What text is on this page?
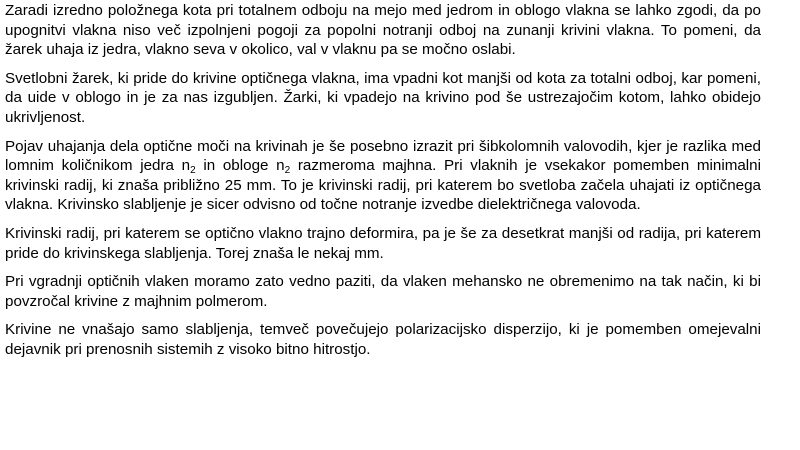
Zaradi izredno položnega kota pri totalnem odboju na mejo med jedrom in oblogo vlakna se lahko zgodi, da po upognitvi vlakna niso več izpolnjeni pogoji za popolni notranji odboj na zunanji krivini vlakna. To pomeni, da žarek uhaja iz jedra, vlakno seva v okolico, val v vlaknu pa se močno oslabi.

Svetlobni žarek, ki pride do krivine optičnega vlakna, ima vpadni kot manjši od kota za totalni odboj, kar pomeni, da uide v oblogo in je za nas izgubljen. Žarki, ki vpadejo na krivino pod še ustrezajočim kotom, lahko obidejo ukrivljenost.

Pojav uhajanja dela optične moči na krivinah je še posebno izrazit pri šibkolomnih valovodih, kjer je razlika med lomnim količnikom jedra $n_2$ in obloge $n_2$ razmeroma majhna. Pri vlaknih je vsekakor pomemben minimalni krivinski radij, ki znaša približno 25 mm. To je krivinski radij, pri katerem bo svetloba začela uhajati iz optičnega vlakna. Krivinsko slabljenje je sicer odvisno od točne notranje izvedbe dielektričnega valovoda.

Krivinski radij, pri katerem se optično vlakno trajno deformira, pa je še za desetkrat manjši od radija, pri katerem pride do krivinskega slabljenja. Torej znaša le nekaj mm.

Pri vgradnji optičnih vlaken moramo zato vedno paziti, da vlaken mehansko ne obremenimo na tak način, ki bi povzročal krivine z majhnim polmerom.

Krivine ne vnašajo samo slabljenja, temveč povečujejo polarizacijsko disperzijo, ki je pomemben omejevalni dejavnik pri prenosnih sistemih z visoko bitno hitrostjo.
